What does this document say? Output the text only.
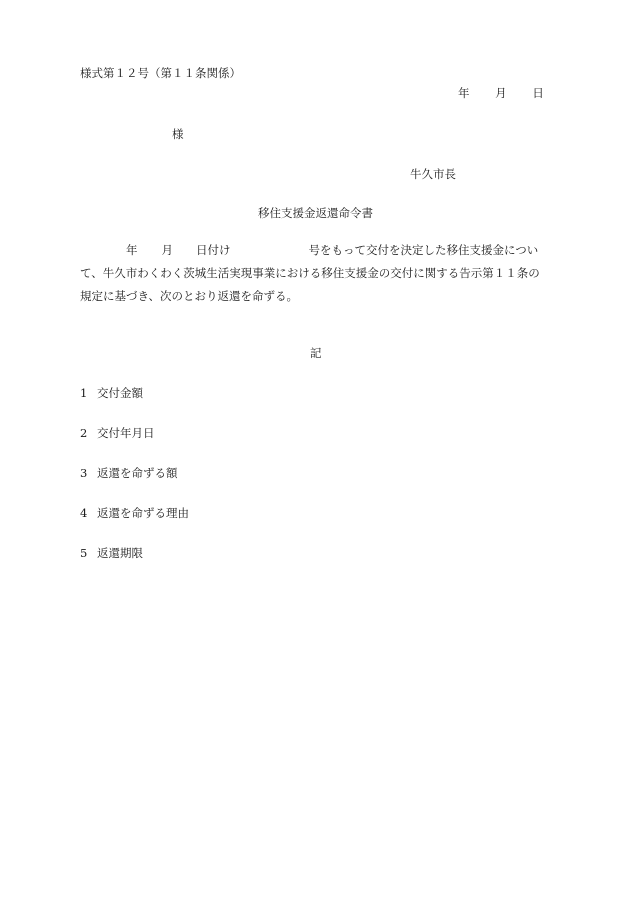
様式第１２号（第１１条関係）
年 月 日
様
牛久市長
移住支援金返還命令書
年 月 日付け	号をもって交付を決定した移住支援金につい
て、牛久市わくわく茨城生活実現事業における移住支援金の交付に関する告示第１１条の
規定に基づき、次のとおり返還を命ずる。
記
1 交付金額
2 交付年月日
3 返還を命ずる額
4 返還を命ずる理由
5 返還期限
